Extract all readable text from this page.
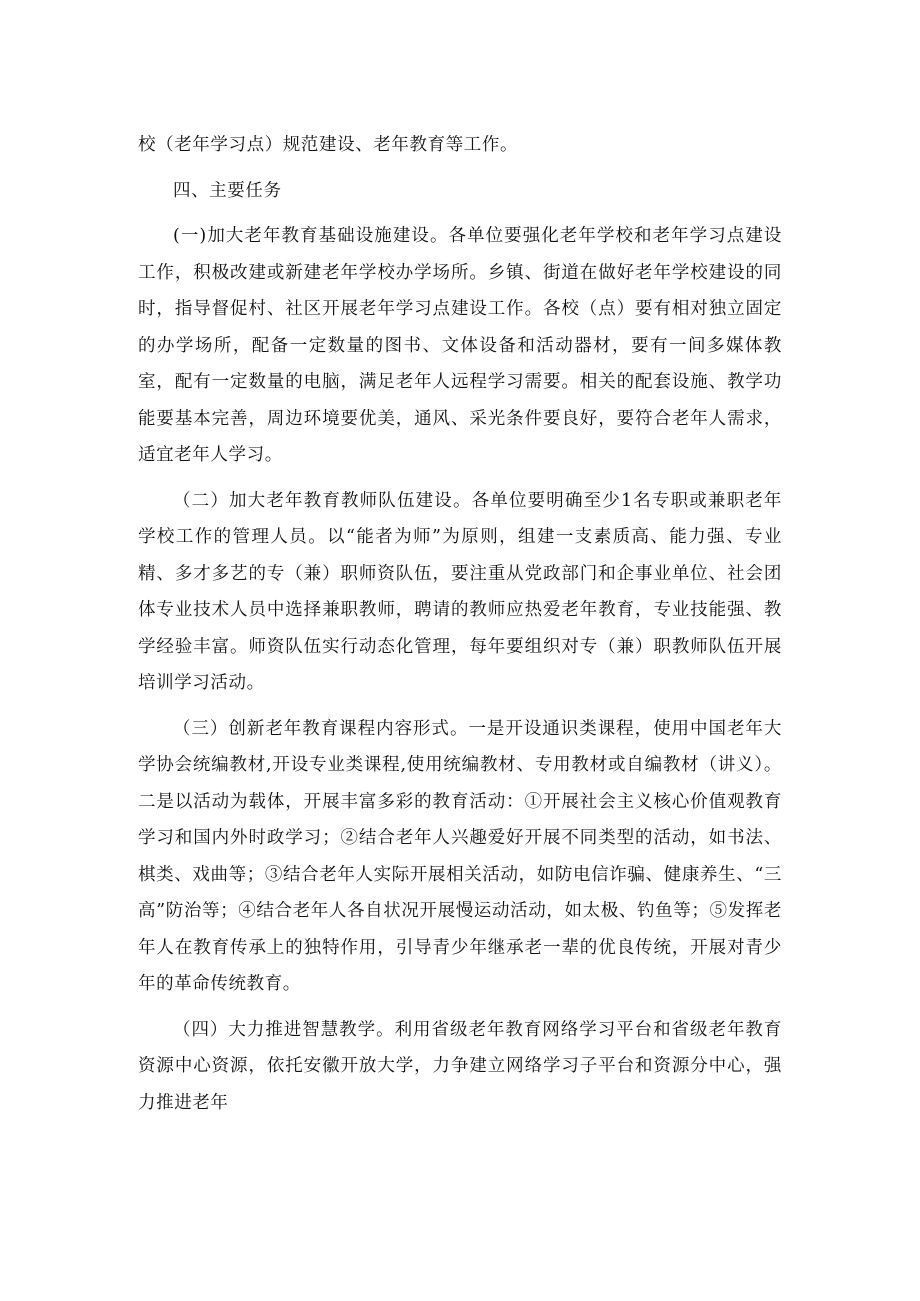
校（老年学习点）规范建设、老年教育等工作。

四、主要任务

(一)加大老年教育基础设施建设。各单位要强化老年学校和老年学习点建设工作，积极改建或新建老年学校办学场所。乡镇、街道在做好老年学校建设的同时，指导督促村、社区开展老年学习点建设工作。各校（点）要有相对独立固定的办学场所，配备一定数量的图书、文体设备和活动器材，要有一间多媒体教室，配有一定数量的电脑，满足老年人远程学习需要。相关的配套设施、教学功能要基本完善，周边环境要优美，通风、采光条件要良好，要符合老年人需求，适宜老年人学习。

（二）加大老年教育教师队伍建设。各单位要明确至少1名专职或兼职老年学校工作的管理人员。以“能者为师”为原则，组建一支素质高、能力强、专业精、多才多艺的专（兼）职师资队伍，要注重从党政部门和企事业单位、社会团体专业技术人员中选择兼职教师，聘请的教师应热爱老年教育，专业技能强、教学经验丰富。师资队伍实行动态化管理，每年要组织对专（兼）职教师队伍开展培训学习活动。

（三）创新老年教育课程内容形式。一是开设通识类课程，使用中国老年大学协会统编教材,开设专业类课程,使用统编教材、专用教材或自编教材（讲义）。二是以活动为载体，开展丰富多彩的教育活动：①开展社会主义核心价值观教育学习和国内外时政学习；②结合老年人兴趣爱好开展不同类型的活动，如书法、棋类、戏曲等；③结合老年人实际开展相关活动，如防电信诈骗、健康养生、“三高”防治等；④结合老年人各自状况开展慢运动活动，如太极、钓鱼等；⑤发挥老年人在教育传承上的独特作用，引导青少年继承老一辈的优良传统，开展对青少年的革命传统教育。

（四）大力推进智慧教学。利用省级老年教育网络学习平台和省级老年教育资源中心资源，依托安徽开放大学，力争建立网络学习子平台和资源分中心，强力推进老年
